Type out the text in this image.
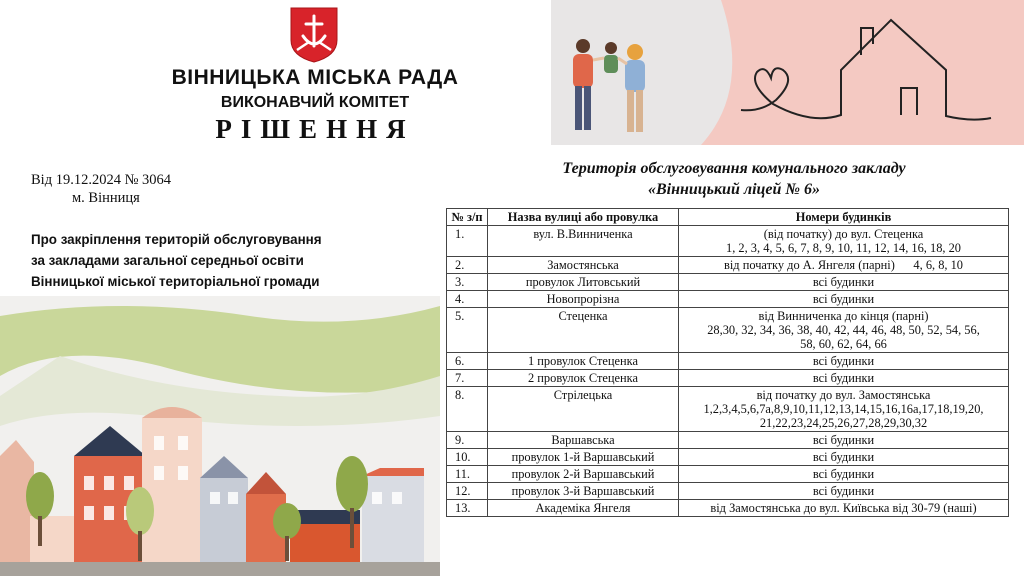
ВІННИЦЬКА МІСЬКА РАДА
ВИКОНАВЧИЙ КОМІТЕТ
РІШЕННЯ
Від 19.12.2024 № 3064
м. Вінниця
Про закріплення територій обслуговування
за закладами загальної середньої освіти
Вінницької міської територіальної громади
Територія обслуговування комунального закладу
«Вінницький ліцей № 6»
№ з/п	Назва вулиці або провулка	Номери будинків
1.	вул. В.Винниченка	(від початку) до вул. Стеценка
1, 2, 3, 4, 5, 6, 7, 8, 9, 10, 11, 12, 14, 16, 18, 20

2.	Замостянська	від початку до А. Янгеля (парні)      4, 6, 8, 10

3.	провулок Литовський	всі будинки

4.	Новопрорізна	всі будинки

5.	Стеценка	від Винниченка до кінця (парні)
28,30, 32, 34, 36, 38, 40, 42, 44, 46, 48, 50, 52, 54, 56,
58, 60, 62, 64, 66

6.	1 провулок Стеценка	всі будинки

7.	2 провулок Стеценка	всі будинки

8.	Стрілецька	від початку до вул. Замостянська
1,2,3,4,5,6,7а,8,9,10,11,12,13,14,15,16,16а,17,18,19,20,
21,22,23,24,25,26,27,28,29,30,32

9.	Варшавська	всі будинки

10.	провулок 1-й Варшавський	всі будинки

11.	провулок 2-й Варшавський	всі будинки

12.	провулок 3-й Варшавський	всі будинки

13.	Академіка Янгеля	від Замостянська до вул. Київська від 30-79 (наші)
